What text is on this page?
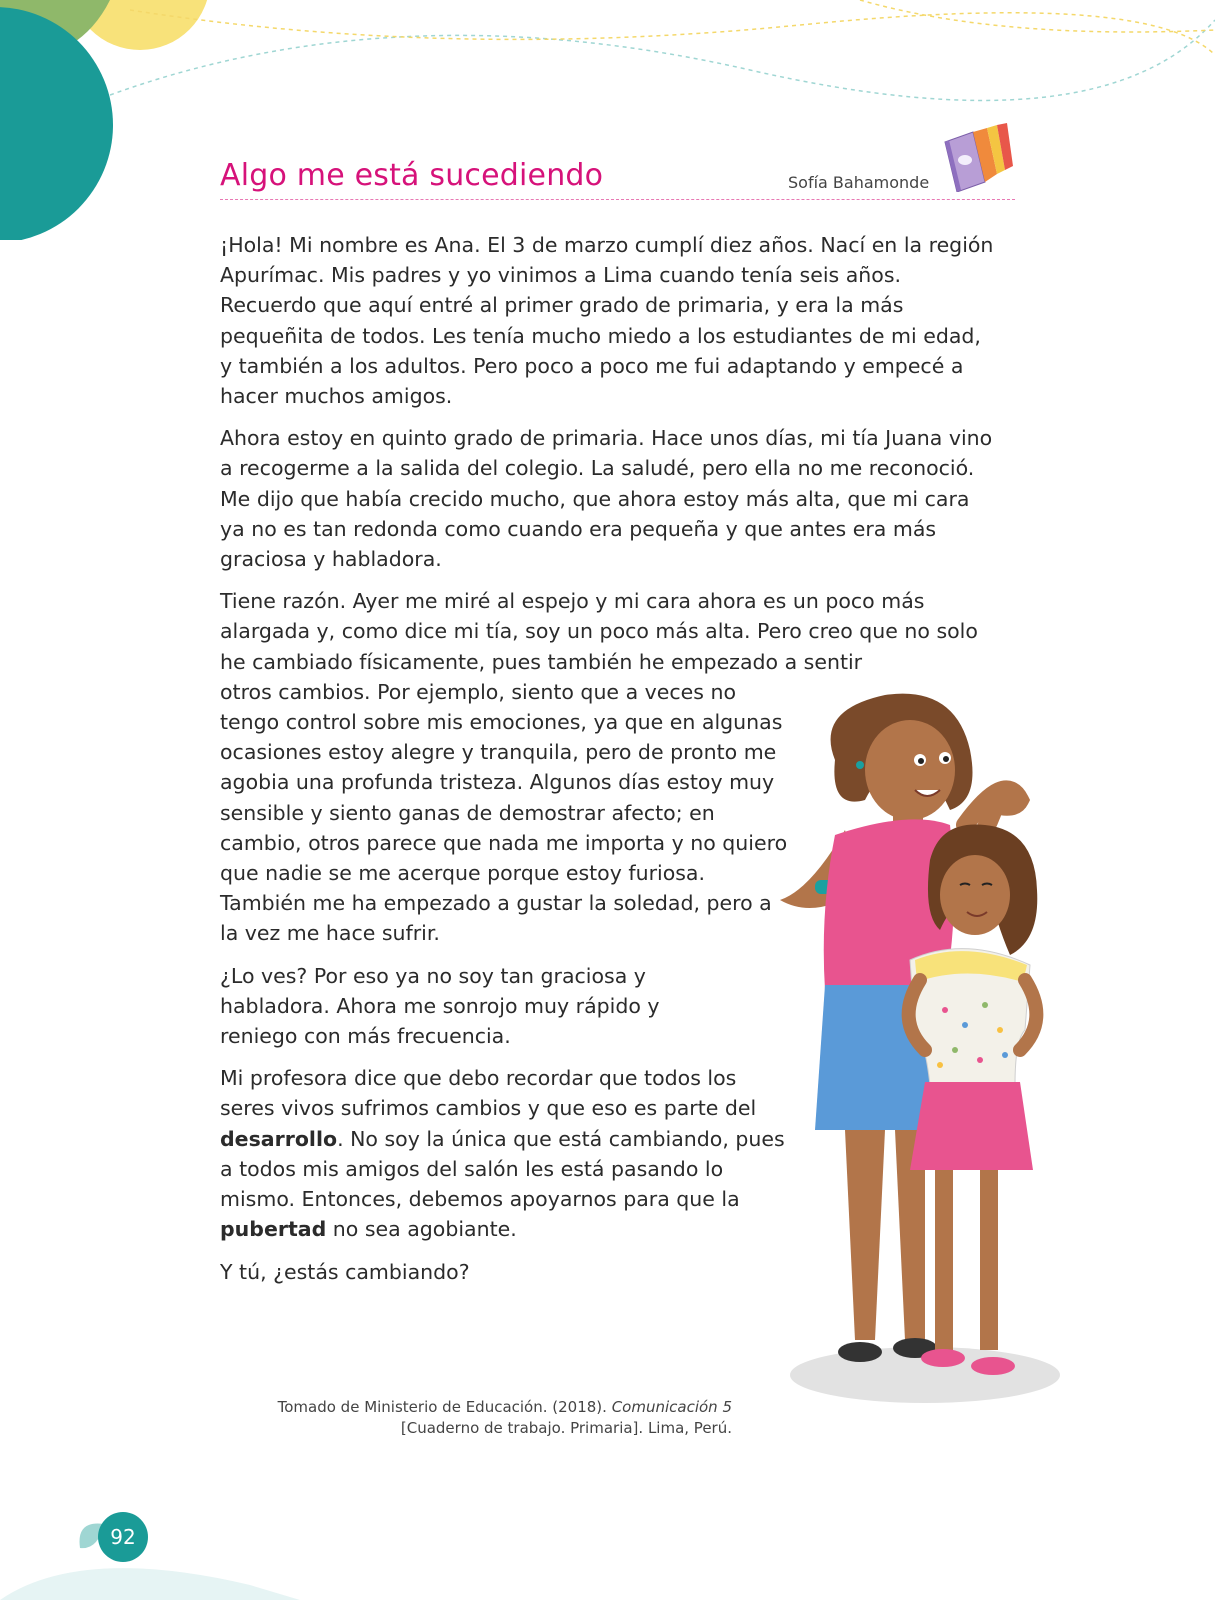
Algo me está sucediendo	Sofía Bahamonde

¡Hola! Mi nombre es Ana. El 3 de marzo cumplí diez años. Nací en la región Apurímac. Mis padres y yo vinimos a Lima cuando tenía seis años. Recuerdo que aquí entré al primer grado de primaria, y era la más pequeñita de todos. Les tenía mucho miedo a los estudiantes de mi edad, y también a los adultos. Pero poco a poco me fui adaptando y empecé a hacer muchos amigos.

Ahora estoy en quinto grado de primaria. Hace unos días, mi tía Juana vino a recogerme a la salida del colegio. La saludé, pero ella no me reconoció. Me dijo que había crecido mucho, que ahora estoy más alta, que mi cara ya no es tan redonda como cuando era pequeña y que antes era más graciosa y habladora.

Tiene razón. Ayer me miré al espejo y mi cara ahora es un poco más alargada y, como dice mi tía, soy un poco más alta. Pero creo que no solo he cambiado físicamente, pues también he empezado a sentir

otros cambios. Por ejemplo, siento que a veces no tengo control sobre mis emociones, ya que en algunas ocasiones estoy alegre y tranquila, pero de pronto me agobia una profunda tristeza. Algunos días estoy muy sensible y siento ganas de demostrar afecto; en cambio, otros parece que nada me importa y no quiero que nadie se me acerque porque estoy furiosa. También me ha empezado a gustar la soledad, pero a la vez me hace sufrir.

¿Lo ves? Por eso ya no soy tan graciosa y habladora. Ahora me sonrojo muy rápido y reniego con más frecuencia.

Mi profesora dice que debo recordar que todos los seres vivos sufrimos cambios y que eso es parte del desarrollo. No soy la única que está cambiando, pues a todos mis amigos del salón les está pasando lo mismo. Entonces, debemos apoyarnos para que la pubertad no sea agobiante.

Y tú, ¿estás cambiando?

Tomado de Ministerio de Educación. (2018). Comunicación 5
[Cuaderno de trabajo. Primaria]. Lima, Perú.
92
